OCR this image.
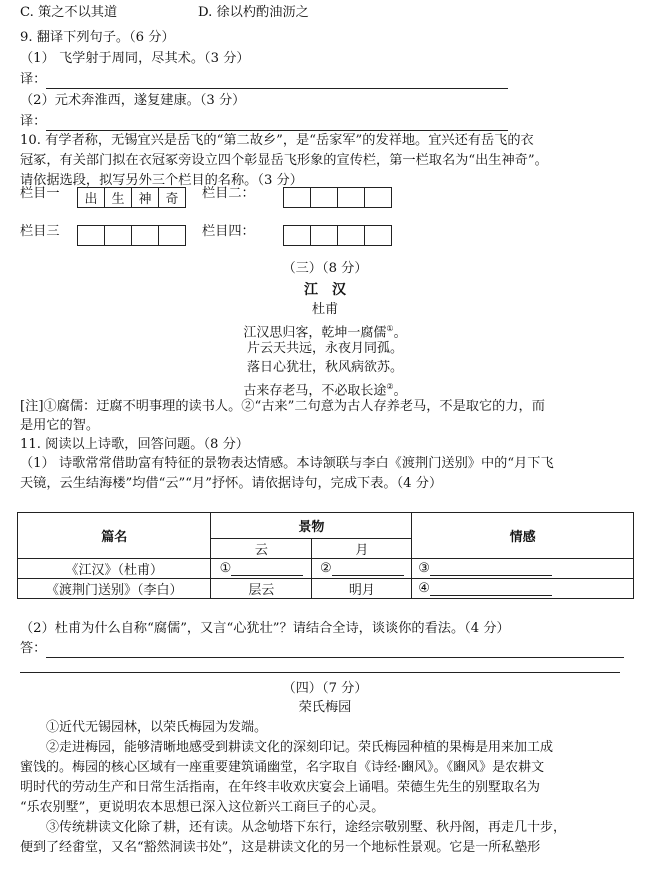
C. 策之不以其道	D. 徐以杓酌油沥之
9. 翻译下列句子。（6 分）
（1） 飞学射于周同，尽其术。（3 分）
译：
（2）元术奔淮西，遂复建康。（3 分）
译：
10. 有学者称，无锡宜兴是岳飞的“第二故乡”，是“岳家军”的发祥地。宜兴还有岳飞的衣
冠冢，有关部门拟在衣冠冢旁设立四个彰显岳飞形象的宣传栏，第一栏取名为“出生神奇”。
请依据选段，拟写另外三个栏目的名称。（3 分）
栏目一	出	生	神	奇	栏目二：
栏目三	栏目四：
（三）（8 分）
江　汉
杜甫
江汉思归客，乾坤一腐儒①。
片云天共远，永夜月同孤。
落日心犹壮，秋风病欲苏。
古来存老马，不必取长途②。
[注]①腐儒：迂腐不明事理的读书人。②“古来”二句意为古人存养老马，不是取它的力，而
是用它的智。
11. 阅读以上诗歌，回答问题。（8 分）
（1） 诗歌常常借助富有特征的景物表达情感。本诗颔联与李白《渡荆门送别》中的“月下飞
天镜，云生结海楼”均借“云”“月”抒怀。请依据诗句，完成下表。（4 分）
篇名	景物		情感
	云	月	
《江汉》（杜甫）	①	②	③
《渡荆门送别》（李白）	层云	明月	④
（2）杜甫为什么自称“腐儒”，又言“心犹壮”？请结合全诗，谈谈你的看法。（4 分）
答：
（四）（7 分）
荣氏梅园
①近代无锡园林，以荣氏梅园为发端。
②走进梅园，能够清晰地感受到耕读文化的深刻印记。荣氏梅园种植的果梅是用来加工成
蜜饯的。梅园的核心区域有一座重要建筑诵幽堂，名字取自《诗经·豳风》。《豳风》是农耕文
明时代的劳动生产和日常生活指南，在年终丰收欢庆宴会上诵唱。荣德生先生的别墅取名为
“乐农别墅”，更说明农本思想已深入这位新兴工商巨子的心灵。
③传统耕读文化除了耕，还有读。从念劬塔下东行，途经宗敬别墅、秋丹阁，再走几十步，
便到了经畬堂，又名“豁然洞读书处”，这是耕读文化的另一个地标性景观。它是一所私塾形
